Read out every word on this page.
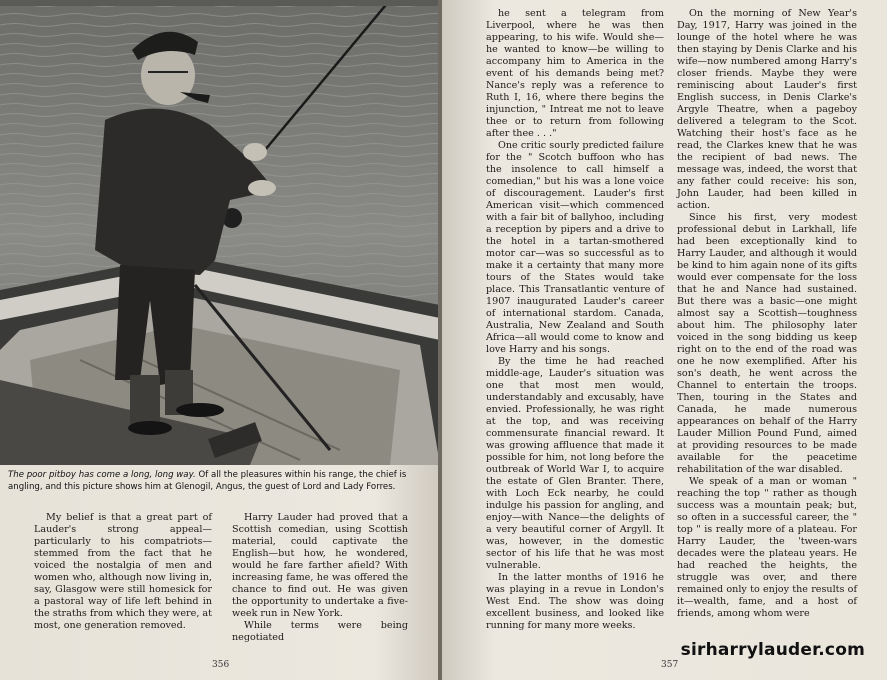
The poor pitboy has come a long, long way. Of all the pleasures within his range, the chief is angling, and this picture shows him at Glenogil, Angus, the guest of Lord and Lady Forres.

My belief is that a great part of Lauder's strong appeal—particularly to his compatriots—stemmed from the fact that he voiced the nostalgia of men and women who, although now living in, say, Glasgow were still homesick for a pastoral way of life left behind in the straths from which they were, at most, one generation removed.

Harry Lauder had proved that a Scottish comedian, using Scottish material, could captivate the English—but how, he wondered, would he fare farther afield? With increasing fame, he was offered the chance to find out. He was given the opportunity to undertake a five-week run in New York.

While terms were being negotiated

356

he sent a telegram from Liverpool, where he was then appearing, to his wife. Would she—he wanted to know—be willing to accompany him to America in the event of his demands being met? Nance's reply was a reference to Ruth I, 16, where there begins the injunction, " Intreat me not to leave thee or to return from following after thee . . ."

One critic sourly predicted failure for the " Scotch buffoon who has the insolence to call himself a comedian," but his was a lone voice of discouragement. Lauder's first American visit—which commenced with a fair bit of ballyhoo, including a reception by pipers and a drive to the hotel in a tartan-smothered motor car—was so successful as to make it a certainty that many more tours of the States would take place. This Transatlantic venture of 1907 inaugurated Lauder's career of international stardom. Canada, Australia, New Zealand and South Africa—all would come to know and love Harry and his songs.

By the time he had reached middle-age, Lauder's situation was one that most men would, understandably and excusably, have envied. Professionally, he was right at the top, and was receiving commensurate financial reward. It was growing affluence that made it possible for him, not long before the outbreak of World War I, to acquire the estate of Glen Branter. There, with Loch Eck nearby, he could indulge his passion for angling, and enjoy—with Nance—the delights of a very beautiful corner of Argyll. It was, however, in the domestic sector of his life that he was most vulnerable.

In the latter months of 1916 he was playing in a revue in London's West End. The show was doing excellent business, and looked like running for many more weeks.

On the morning of New Year's Day, 1917, Harry was joined in the lounge of the hotel where he was then staying by Denis Clarke and his wife—now numbered among Harry's closer friends. Maybe they were reminiscing about Lauder's first English success, in Denis Clarke's Argyle Theatre, when a pageboy delivered a telegram to the Scot. Watching their host's face as he read, the Clarkes knew that he was the recipient of bad news. The message was, indeed, the worst that any father could receive: his son, John Lauder, had been killed in action.

Since his first, very modest professional debut in Larkhall, life had been exceptionally kind to Harry Lauder, and although it would be kind to him again none of its gifts would ever compensate for the loss that he and Nance had sustained. But there was a basic—one might almost say a Scottish—toughness about him. The philosophy later voiced in the song bidding us keep right on to the end of the road was one he now exemplified. After his son's death, he went across the Channel to entertain the troops. Then, touring in the States and Canada, he made numerous appearances on behalf of the Harry Lauder Million Pound Fund, aimed at providing resources to be made available for the peacetime rehabilitation of the war disabled.

We speak of a man or woman " reaching the top " rather as though success was a mountain peak; but, so often in a successful career, the " top " is really more of a plateau. For Harry Lauder, the 'tween-wars decades were the plateau years. He had reached the heights, the struggle was over, and there remained only to enjoy the results of it—wealth, fame, and a host of friends, among whom were

357
sirharrylauder.com
